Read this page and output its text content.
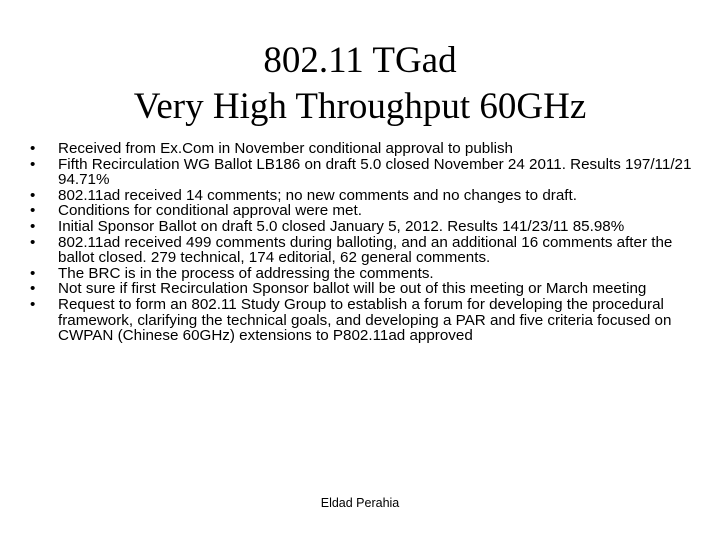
802.11 TGad
Very High Throughput 60GHz
•	Received from Ex.Com in November conditional approval to publish
•	Fifth Recirculation WG Ballot LB186 on draft 5.0 closed November 24 2011. Results 197/11/21 94.71%
•	802.11ad received 14 comments; no new comments and no changes to draft.
•	Conditions for conditional approval were met.
•	Initial Sponsor Ballot on draft 5.0 closed January 5, 2012. Results 141/23/11 85.98%
•	802.11ad received 499 comments during balloting, and an additional 16 comments after the ballot closed. 279 technical, 174 editorial, 62 general comments.
•	The BRC is in the process of addressing the comments.
•	Not sure if first Recirculation Sponsor ballot will be out of this meeting or March meeting
•	Request to form an 802.11 Study Group to establish a forum for developing the procedural framework, clarifying the technical goals, and developing a PAR and five criteria focused on CWPAN (Chinese 60GHz) extensions to P802.11ad approved
Eldad Perahia
